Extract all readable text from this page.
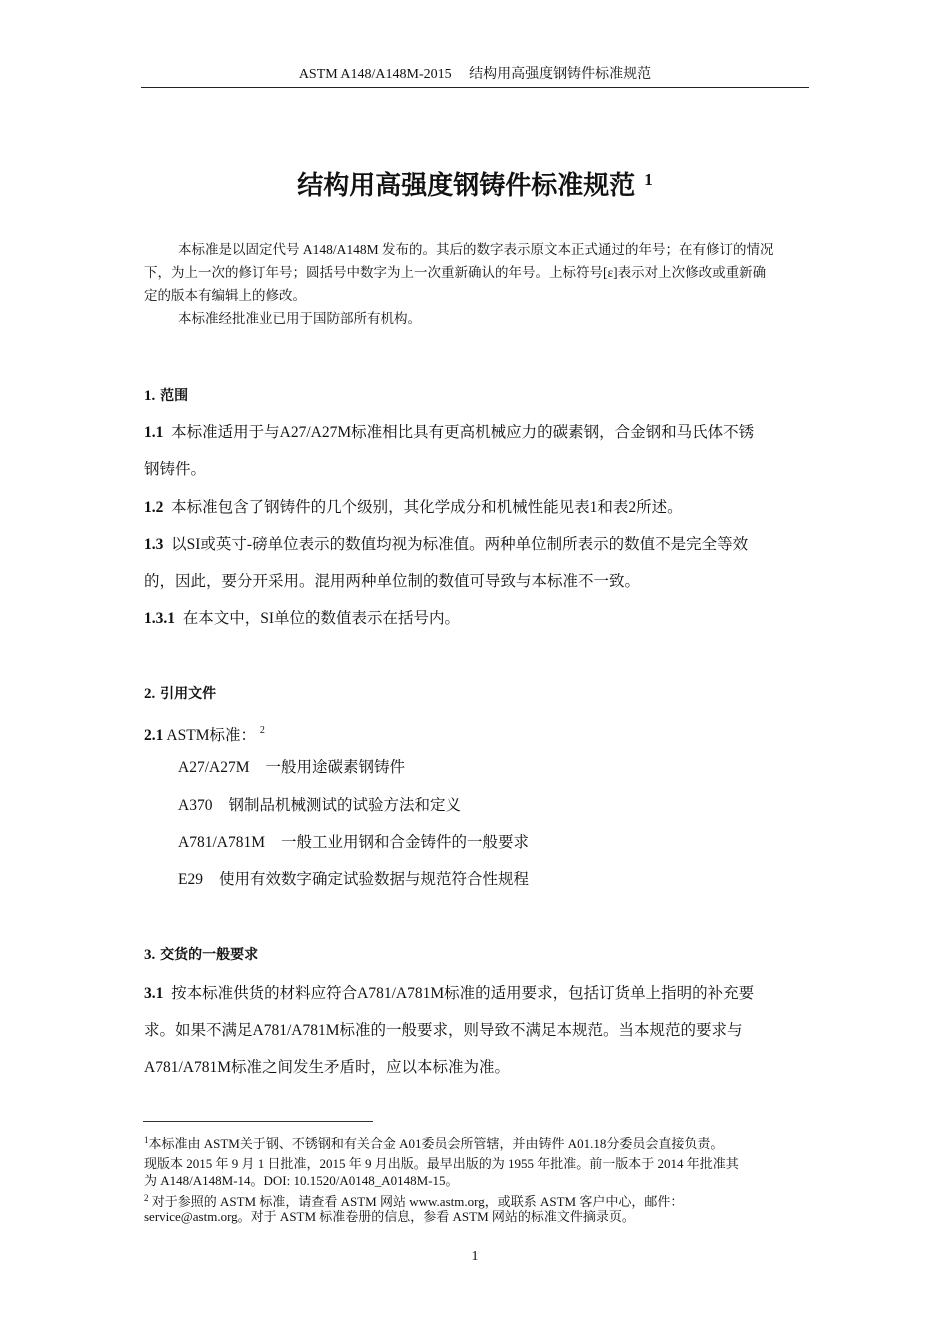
ASTM A148/A148M-2015　 结构用高强度钢铸件标准规范
结构用高强度钢铸件标准规范 $^1$
本标准是以固定代号 A148/A148M 发布的。其后的数字表示原文本正式通过的年号；在有修订的情况
下，为上一次的修订年号；圆括号中数字为上一次重新确认的年号。上标符号[ε]表示对上次修改或重新确
定的版本有编辑上的修改。
本标准经批准业已用于国防部所有机构。
1. 范围
1.1 本标准适用于与A27/A27M标准相比具有更高机械应力的碳素钢，合金钢和马氏体不锈
钢铸件。
1.2 本标准包含了钢铸件的几个级别，其化学成分和机械性能见表1和表2所述。
1.3 以SI或英寸-磅单位表示的数值均视为标准值。两种单位制所表示的数值不是完全等效
的，因此，要分开采用。混用两种单位制的数值可导致与本标准不一致。
1.3.1 在本文中，SI单位的数值表示在括号内。
2. 引用文件
2.1 ASTM标准： $^2$
A27/A27M 一般用途碳素钢铸件
A370 钢制品机械测试的试验方法和定义
A781/A781M 一般工业用钢和合金铸件的一般要求
E29 使用有效数字确定试验数据与规范符合性规程
3. 交货的一般要求
3.1 按本标准供货的材料应符合A781/A781M标准的适用要求，包括订货单上指明的补充要
求。如果不满足A781/A781M标准的一般要求，则导致不满足本规范。当本规范的要求与
A781/A781M标准之间发生矛盾时，应以本标准为准。
$^1$本标准由 ASTM关于钢、不锈钢和有关合金 A01委员会所管辖，并由铸件 A01.18分委员会直接负责。
现版本 2015 年 9 月 1 日批准，2015 年 9 月出版。最早出版的为 1955 年批准。前一版本于 2014 年批准其
为 A148/A148M-14。DOI: 10.1520/A0148_A0148M-15。
$^2$ 对于参照的 ASTM 标准，请查看 ASTM 网站 www.astm.org，或联系 ASTM 客户中心，邮件：
service@astm.org。对于 ASTM 标准卷册的信息，参看 ASTM 网站的标准文件摘录页。
1
